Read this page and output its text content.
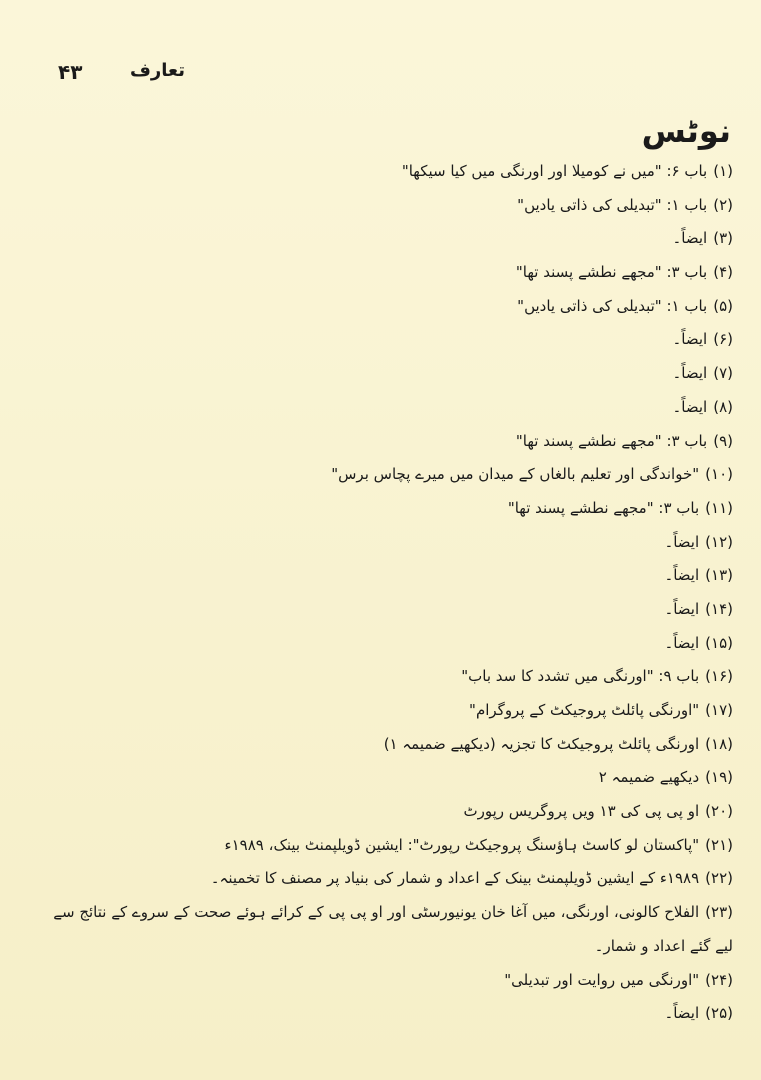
۴۳	تعارف
نوٹس
(۱)باب ۶: "میں نے کومیلا اور اورنگی میں کیا سیکھا"
(۲)باب ۱: "تبدیلی کی ذاتی یادیں"
(۳)ایضاً۔
(۴)باب ۳: "مجھے نطشے پسند تھا"
(۵)باب ۱: "تبدیلی کی ذاتی یادیں"
(۶)ایضاً۔
(۷)ایضاً۔
(۸)ایضاً۔
(۹)باب ۳: "مجھے نطشے پسند تھا"
(۱۰)"خواندگی اور تعلیم بالغاں کے میدان میں میرے پچاس برس"
(۱۱)باب ۳: "مجھے نطشے پسند تھا"
(۱۲)ایضاً۔
(۱۳)ایضاً۔
(۱۴)ایضاً۔
(۱۵)ایضاً۔
(۱۶)باب ۹: "اورنگی میں تشدد کا سد باب"
(۱۷)"اورنگی پائلٹ پروجیکٹ کے پروگرام"
(۱۸)اورنگی پائلٹ پروجیکٹ کا تجزیہ (دیکھیے ضمیمہ ۱)
(۱۹)دیکھیے ضمیمہ ۲
(۲۰)او پی پی کی ۱۳ ویں پروگریس رپورٹ
(۲۱)"پاکستان لو کاسٹ ہاؤسنگ پروجیکٹ رپورٹ": ایشین ڈویلپمنٹ بینک، ۱۹۸۹ء
(۲۲)۱۹۸۹ء کے ایشین ڈویلپمنٹ بینک کے اعداد و شمار کی بنیاد پر مصنف کا تخمینہ۔
(۲۳)الفلاح کالونی، اورنگی، میں آغا خان یونیورسٹی اور او پی پی کے کرائے ہوئے صحت کے سروے کے نتائج سے لیے گئے اعداد و شمار۔
(۲۴)"اورنگی میں روایت اور تبدیلی"
(۲۵)ایضاً۔
